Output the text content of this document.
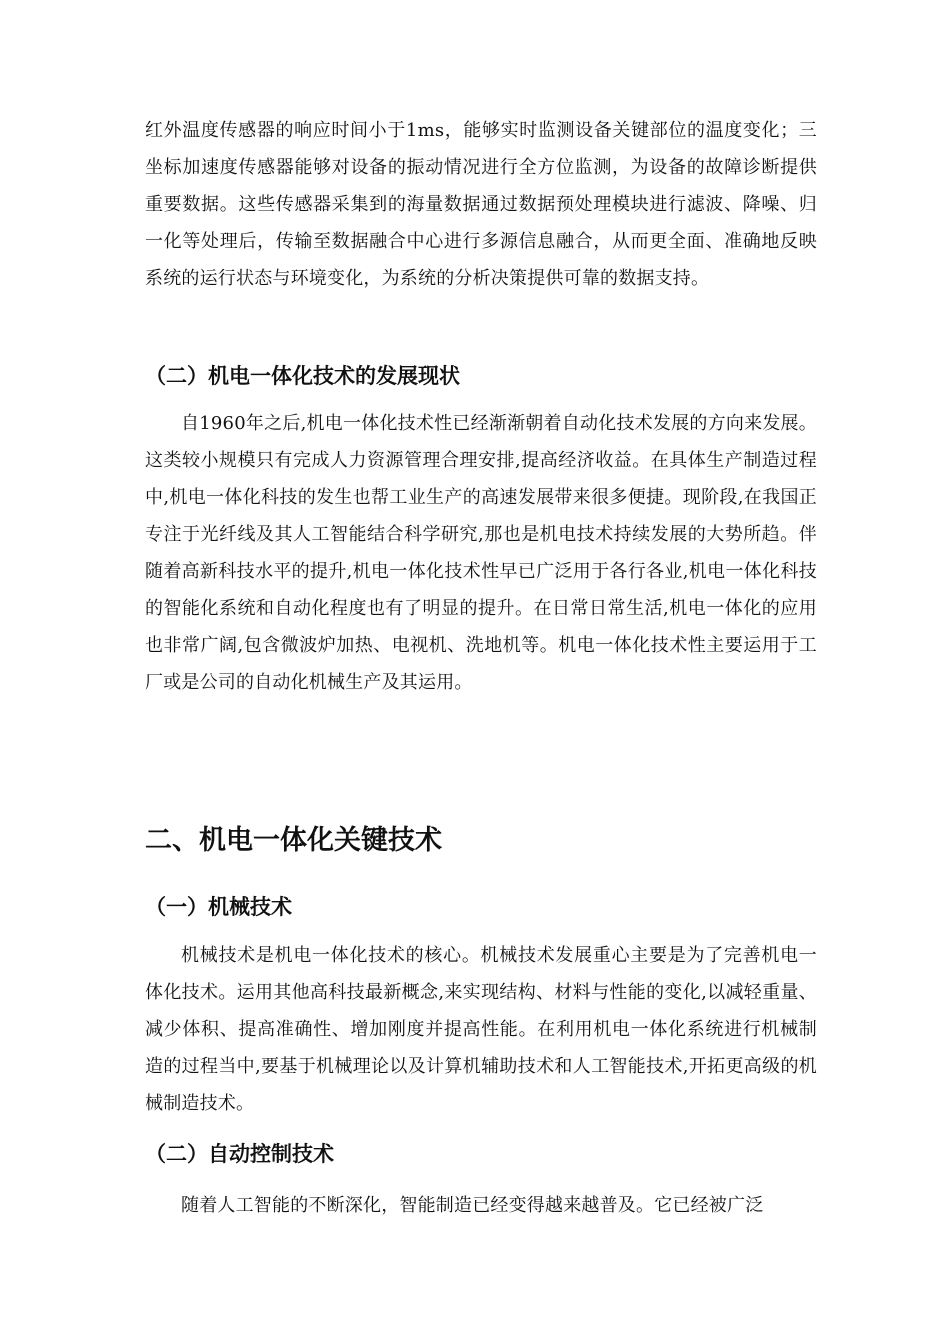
红外温度传感器的响应时间小于1ms，能够实时监测设备关键部位的温度变化；三坐标加速度传感器能够对设备的振动情况进行全方位监测，为设备的故障诊断提供重要数据。这些传感器采集到的海量数据通过数据预处理模块进行滤波、降噪、归一化等处理后，传输至数据融合中心进行多源信息融合，从而更全面、准确地反映系统的运行状态与环境变化，为系统的分析决策提供可靠的数据支持。

（二）机电一体化技术的发展现状

自1960年之后,机电一体化技术性已经渐渐朝着自动化技术发展的方向来发展。这类较小规模只有完成人力资源管理合理安排,提高经济收益。在具体生产制造过程中,机电一体化科技的发生也帮工业生产的高速发展带来很多便捷。现阶段,在我国正专注于光纤线及其人工智能结合科学研究,那也是机电技术持续发展的大势所趋。伴随着高新科技水平的提升,机电一体化技术性早已广泛用于各行各业,机电一体化科技的智能化系统和自动化程度也有了明显的提升。在日常日常生活,机电一体化的应用也非常广阔,包含微波炉加热、电视机、洗地机等。机电一体化技术性主要运用于工厂或是公司的自动化机械生产及其运用。

二、机电一体化关键技术
（一）机械技术

机械技术是机电一体化技术的核心。机械技术发展重心主要是为了完善机电一体化技术。运用其他高科技最新概念,来实现结构、材料与性能的变化,以减轻重量、减少体积、提高准确性、增加刚度并提高性能。在利用机电一体化系统进行机械制造的过程当中,要基于机械理论以及计算机辅助技术和人工智能技术,开拓更高级的机械制造技术。

（二）自动控制技术

随着人工智能的不断深化，智能制造已经变得越来越普及。它已经被广泛
